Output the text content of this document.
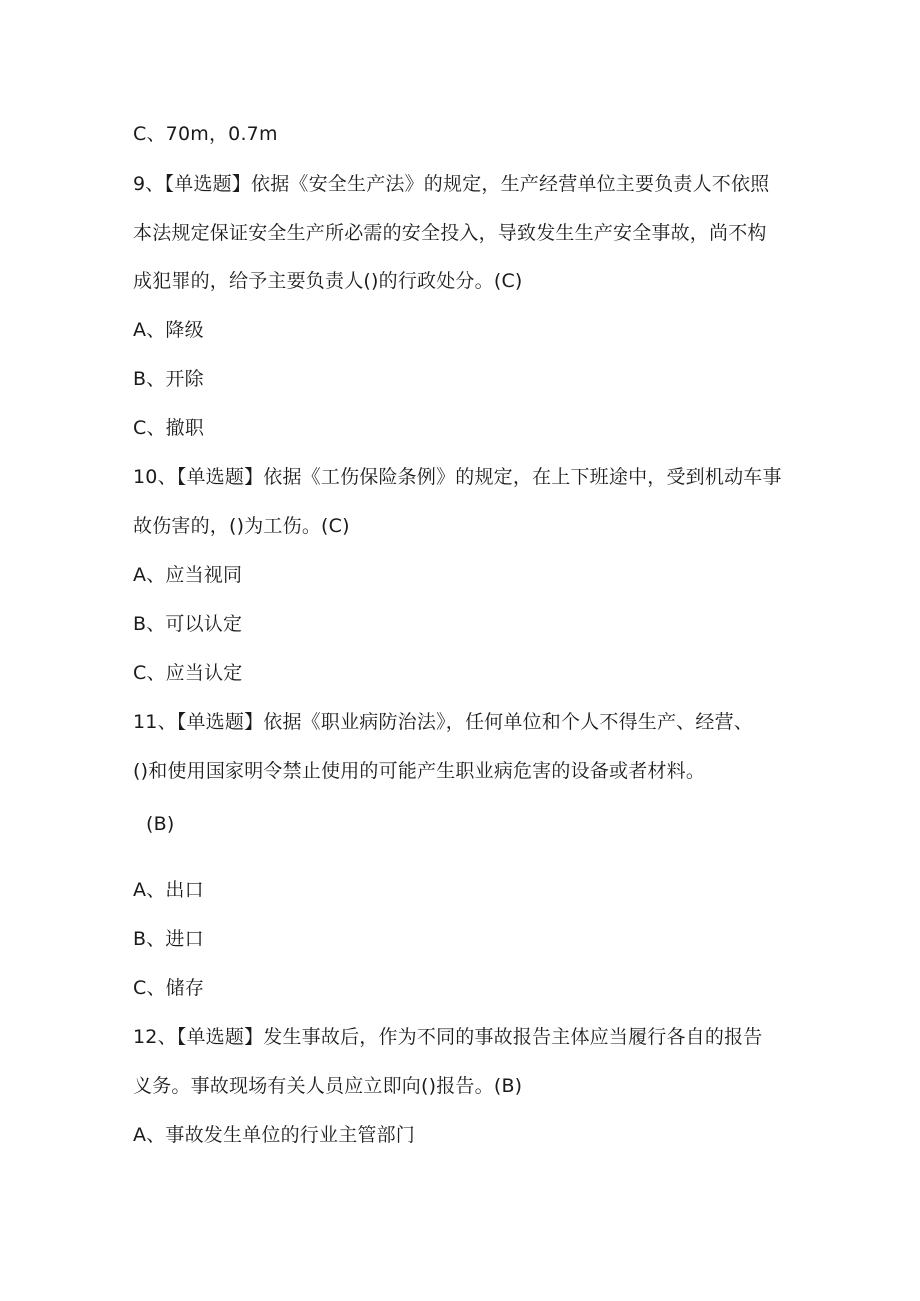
C、70m，0.7m
9、【单选题】依据《安全生产法》的规定，生产经营单位主要负责人不依照
本法规定保证安全生产所必需的安全投入，导致发生生产安全事故，尚不构
成犯罪的，给予主要负责人()的行政处分。(C)
A、降级
B、开除
C、撤职
10、【单选题】依据《工伤保险条例》的规定，在上下班途中，受到机动车事
故伤害的，()为工伤。(C)
A、应当视同
B、可以认定
C、应当认定
11、【单选题】依据《职业病防治法》，任何单位和个人不得生产、经营、
()和使用国家明令禁止使用的可能产生职业病危害的设备或者材料。
(B)
A、出口
B、进口
C、储存
12、【单选题】发生事故后，作为不同的事故报告主体应当履行各自的报告
义务。事故现场有关人员应立即向()报告。(B)
A、事故发生单位的行业主管部门
